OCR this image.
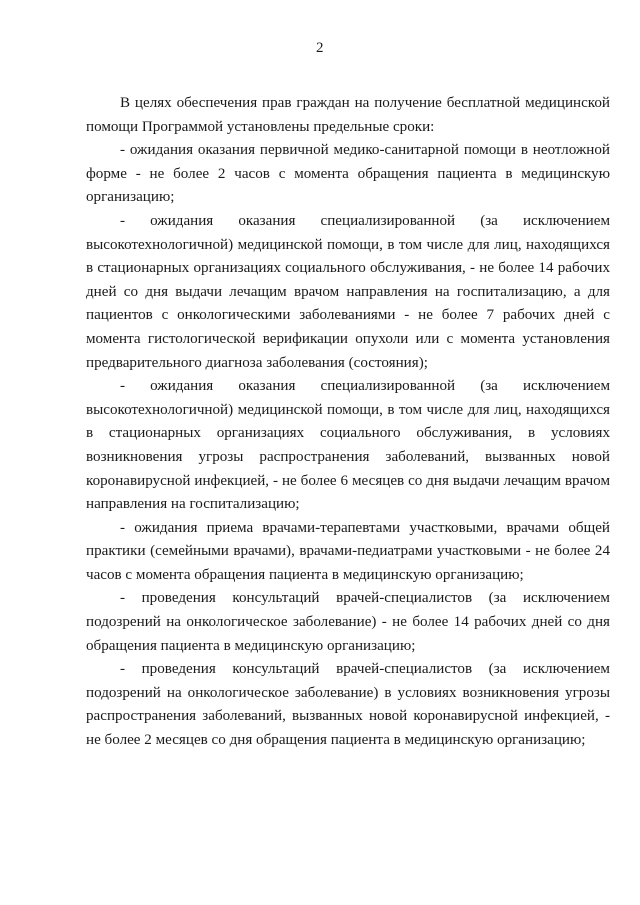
2

В целях обеспечения прав граждан на получение бесплатной медицинской помощи Программой установлены предельные сроки:

- ожидания оказания первичной медико-санитарной помощи в неотложной форме - не более 2 часов с момента обращения пациента в медицинскую организацию;

- ожидания оказания специализированной (за исключением высокотехнологичной) медицинской помощи, в том числе для лиц, находящихся в стационарных организациях социального обслуживания, - не более 14 рабочих дней со дня выдачи лечащим врачом направления на госпитализацию, а для пациентов с онкологическими заболеваниями - не более 7 рабочих дней с момента гистологической верификации опухоли или с момента установления предварительного диагноза заболевания (состояния);

- ожидания оказания специализированной (за исключением высокотехнологичной) медицинской помощи, в том числе для лиц, находящихся в стационарных организациях социального обслуживания, в условиях возникновения угрозы распространения заболеваний, вызванных новой коронавирусной инфекцией, - не более 6 месяцев со дня выдачи лечащим врачом направления на госпитализацию;

- ожидания приема врачами-терапевтами участковыми, врачами общей практики (семейными врачами), врачами-педиатрами участковыми - не более 24 часов с момента обращения пациента в медицинскую организацию;

- проведения консультаций врачей-специалистов (за исключением подозрений на онкологическое заболевание) - не более 14 рабочих дней со дня обращения пациента в медицинскую организацию;

- проведения консультаций врачей-специалистов (за исключением подозрений на онкологическое заболевание) в условиях возникновения угрозы распространения заболеваний, вызванных новой коронавирусной инфекцией, - не более 2 месяцев со дня обращения пациента в медицинскую организацию;
